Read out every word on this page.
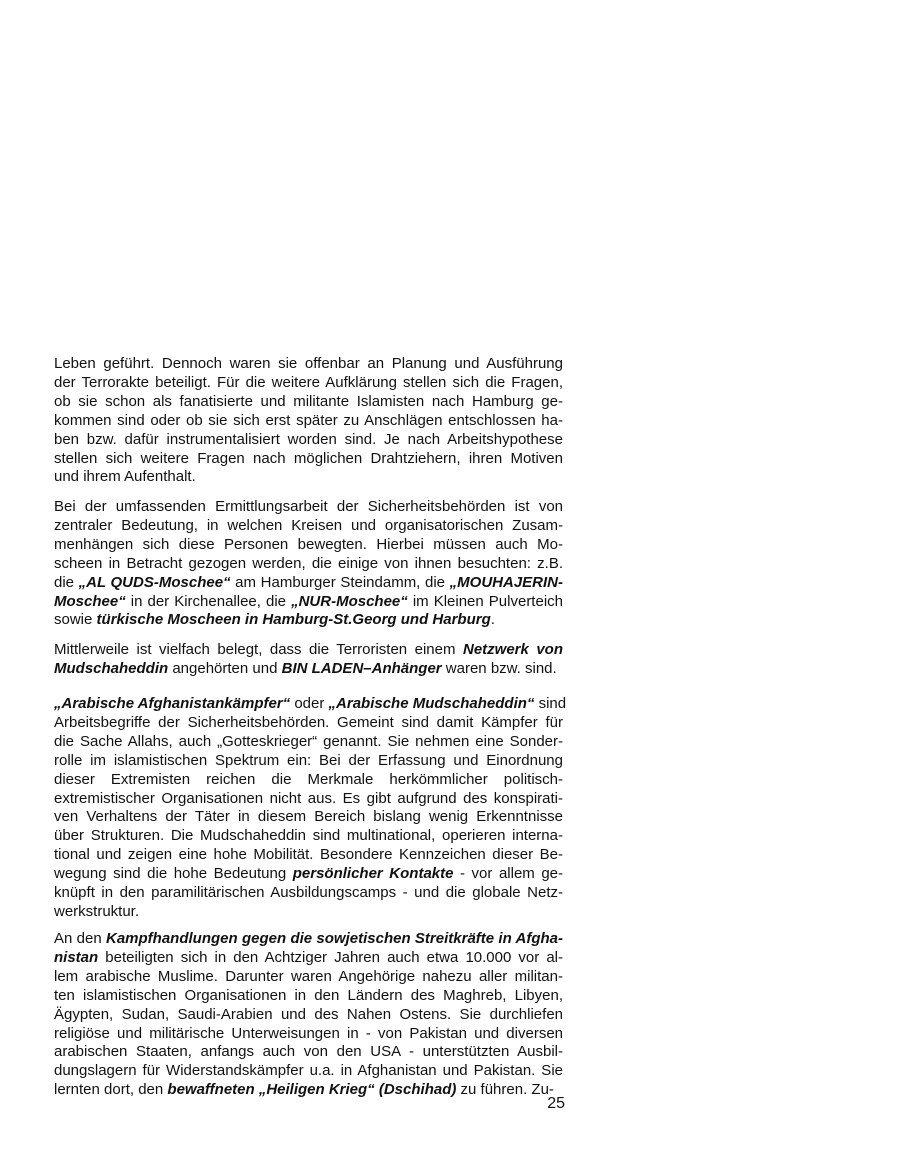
Leben geführt. Dennoch waren sie offenbar an Planung und Ausführung
der Terrorakte beteiligt. Für die weitere Aufklärung stellen sich die Fragen,
ob sie schon als fanatisierte und militante Islamisten nach Hamburg ge-
kommen sind oder ob sie sich erst später zu Anschlägen entschlossen ha-
ben bzw. dafür instrumentalisiert worden sind. Je nach Arbeitshypothese
stellen sich weitere Fragen nach möglichen Drahtziehern, ihren Motiven
und ihrem Aufenthalt.
Bei der umfassenden Ermittlungsarbeit der Sicherheitsbehörden ist von
zentraler Bedeutung, in welchen Kreisen und organisatorischen Zusam-
menhängen sich diese Personen bewegten. Hierbei müssen auch Mo-
scheen in Betracht gezogen werden, die einige von ihnen besuchten: z.B.
die „AL QUDS-Moschee“ am Hamburger Steindamm, die „MOUHAJERIN-
Moschee“ in der Kirchenallee, die „NUR-Moschee“ im Kleinen Pulverteich
sowie türkische Moscheen in Hamburg-St.Georg und Harburg.
Mittlerweile ist vielfach belegt, dass die Terroristen einem Netzwerk von
Mudschaheddin angehörten und BIN LADEN–Anhänger waren bzw. sind.
„Arabische Afghanistankämpfer“ oder „Arabische Mudschaheddin“ sind
Arbeitsbegriffe der Sicherheitsbehörden. Gemeint sind damit Kämpfer für
die Sache Allahs, auch „Gotteskrieger“ genannt. Sie nehmen eine Sonder-
rolle im islamistischen Spektrum ein: Bei der Erfassung und Einordnung
dieser Extremisten reichen die Merkmale herkömmlicher politisch-
extremistischer Organisationen nicht aus. Es gibt aufgrund des konspirati-
ven Verhaltens der Täter in diesem Bereich bislang wenig Erkenntnisse
über Strukturen. Die Mudschaheddin sind multinational, operieren interna-
tional und zeigen eine hohe Mobilität. Besondere Kennzeichen dieser Be-
wegung sind die hohe Bedeutung persönlicher Kontakte - vor allem ge-
knüpft in den paramilitärischen Ausbildungscamps - und die globale Netz-
werkstruktur.
An den Kampfhandlungen gegen die sowjetischen Streitkräfte in Afgha-
nistan beteiligten sich in den Achtziger Jahren auch etwa 10.000 vor al-
lem arabische Muslime. Darunter waren Angehörige nahezu aller militan-
ten islamistischen Organisationen in den Ländern des Maghreb, Libyen,
Ägypten, Sudan, Saudi-Arabien und des Nahen Ostens. Sie durchliefen
religiöse und militärische Unterweisungen in - von Pakistan und diversen
arabischen Staaten, anfangs auch von den USA - unterstützten Ausbil-
dungslagern für Widerstandskämpfer u.a. in Afghanistan und Pakistan. Sie
lernten dort, den bewaffneten „Heiligen Krieg“ (Dschihad) zu führen. Zu-
25
